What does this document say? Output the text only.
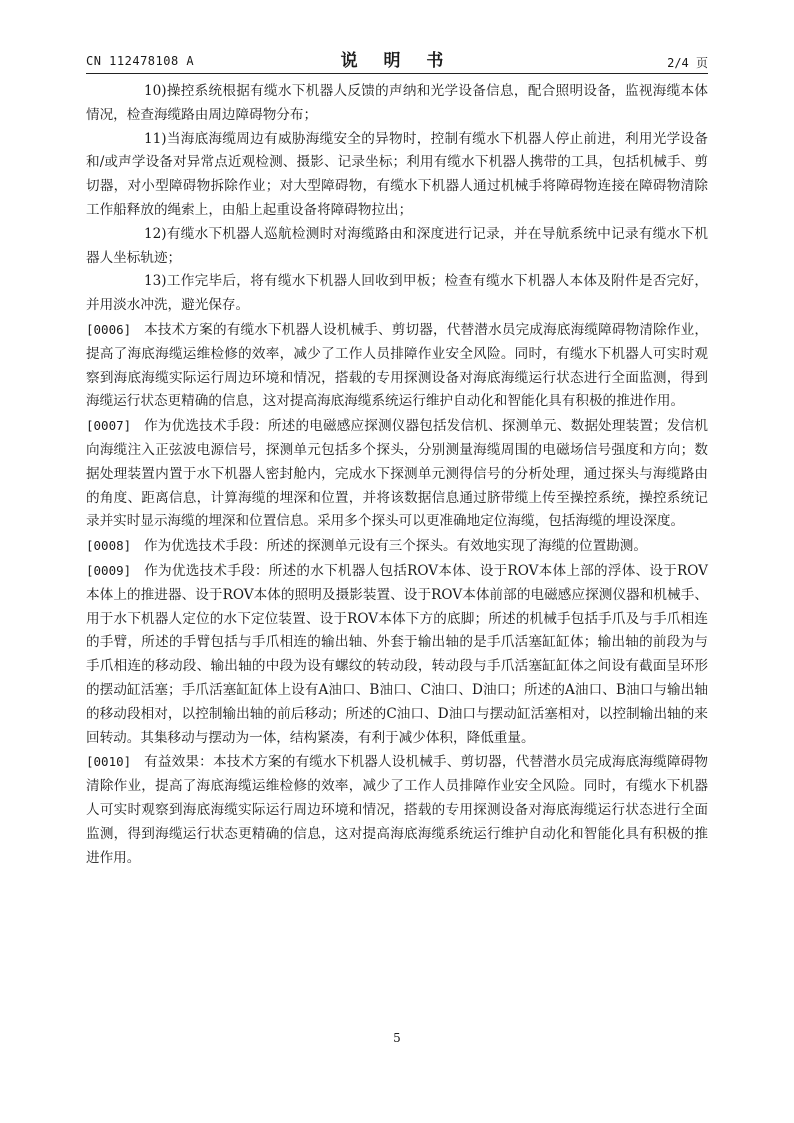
CN 112478108 A	说 明 书	2/4 页

10)操控系统根据有缆水下机器人反馈的声纳和光学设备信息，配合照明设备，监视海缆本体情况，检查海缆路由周边障碍物分布；

11)当海底海缆周边有威胁海缆安全的异物时，控制有缆水下机器人停止前进，利用光学设备和/或声学设备对异常点近观检测、摄影、记录坐标；利用有缆水下机器人携带的工具，包括机械手、剪切器，对小型障碍物拆除作业；对大型障碍物，有缆水下机器人通过机械手将障碍物连接在障碍物清除工作船释放的绳索上，由船上起重设备将障碍物拉出；

12)有缆水下机器人巡航检测时对海缆路由和深度进行记录，并在导航系统中记录有缆水下机器人坐标轨迹；

13)工作完毕后，将有缆水下机器人回收到甲板；检查有缆水下机器人本体及附件是否完好，并用淡水冲洗，避光保存。

[0006] 本技术方案的有缆水下机器人设机械手、剪切器，代替潜水员完成海底海缆障碍物清除作业，提高了海底海缆运维检修的效率，减少了工作人员排障作业安全风险。同时，有缆水下机器人可实时观察到海底海缆实际运行周边环境和情况，搭载的专用探测设备对海底海缆运行状态进行全面监测，得到海缆运行状态更精确的信息，这对提高海底海缆系统运行维护自动化和智能化具有积极的推进作用。

[0007] 作为优选技术手段：所述的电磁感应探测仪器包括发信机、探测单元、数据处理装置；发信机向海缆注入正弦波电源信号，探测单元包括多个探头，分别测量海缆周围的电磁场信号强度和方向；数据处理装置内置于水下机器人密封舱内，完成水下探测单元测得信号的分析处理，通过探头与海缆路由的角度、距离信息，计算海缆的埋深和位置，并将该数据信息通过脐带缆上传至操控系统，操控系统记录并实时显示海缆的埋深和位置信息。采用多个探头可以更准确地定位海缆，包括海缆的埋设深度。

[0008] 作为优选技术手段：所述的探测单元设有三个探头。有效地实现了海缆的位置勘测。

[0009] 作为优选技术手段：所述的水下机器人包括ROV本体、设于ROV本体上部的浮体、设于ROV本体上的推进器、设于ROV本体的照明及摄影装置、设于ROV本体前部的电磁感应探测仪器和机械手、用于水下机器人定位的水下定位装置、设于ROV本体下方的底脚；所述的机械手包括手爪及与手爪相连的手臂，所述的手臂包括与手爪相连的输出轴、外套于输出轴的是手爪活塞缸缸体；输出轴的前段为与手爪相连的移动段、输出轴的中段为设有螺纹的转动段，转动段与手爪活塞缸缸体之间设有截面呈环形的摆动缸活塞；手爪活塞缸缸体上设有A油口、B油口、C油口、D油口；所述的A油口、B油口与输出轴的移动段相对，以控制输出轴的前后移动；所述的C油口、D油口与摆动缸活塞相对，以控制输出轴的来回转动。其集移动与摆动为一体，结构紧凑，有利于减少体积，降低重量。

[0010] 有益效果：本技术方案的有缆水下机器人设机械手、剪切器，代替潜水员完成海底海缆障碍物清除作业，提高了海底海缆运维检修的效率，减少了工作人员排障作业安全风险。同时，有缆水下机器人可实时观察到海底海缆实际运行周边环境和情况，搭载的专用探测设备对海底海缆运行状态进行全面监测，得到海缆运行状态更精确的信息，这对提高海底海缆系统运行维护自动化和智能化具有积极的推进作用。

5
